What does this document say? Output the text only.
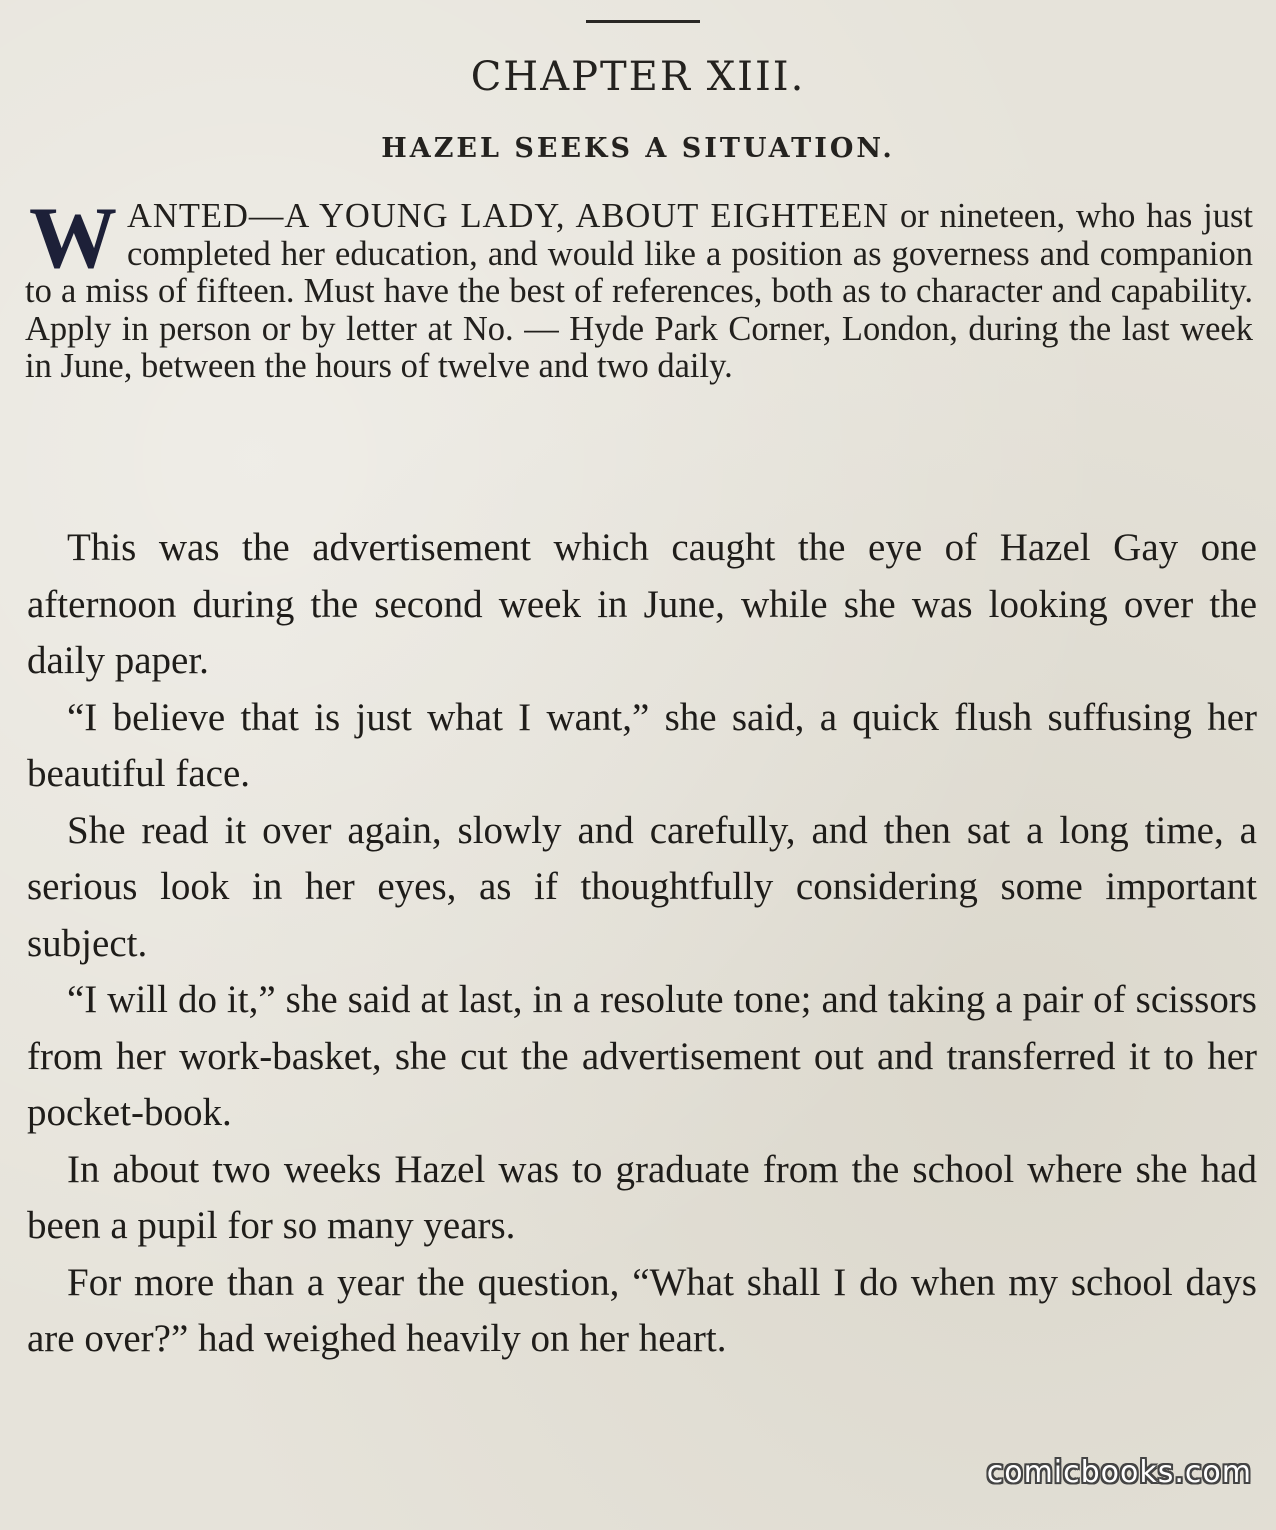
CHAPTER XIII.
HAZEL SEEKS A SITUATION.
W ANTED—A YOUNG LADY, ABOUT EIGHTEEN or nineteen, who has just completed her education, and would like a position as governess and companion to a miss of fifteen. Must have the best of references, both as to character and capability. Apply in person or by letter at No. — Hyde Park Corner, London, during the last week in June, between the hours of twelve and two daily.

This was the advertisement which caught the eye of Hazel Gay one afternoon during the second week in June, while she was looking over the daily paper.

“I believe that is just what I want,” she said, a quick flush suffusing her beautiful face.

She read it over again, slowly and carefully, and then sat a long time, a serious look in her eyes, as if thoughtfully considering some important subject.

“I will do it,” she said at last, in a resolute tone; and taking a pair of scissors from her work-basket, she cut the advertisement out and transferred it to her pocket-book.

In about two weeks Hazel was to graduate from the school where she had been a pupil for so many years.

For more than a year the question, “What shall I do when my school days are over?” had weighed heavily on her heart.

comicbooks.com
